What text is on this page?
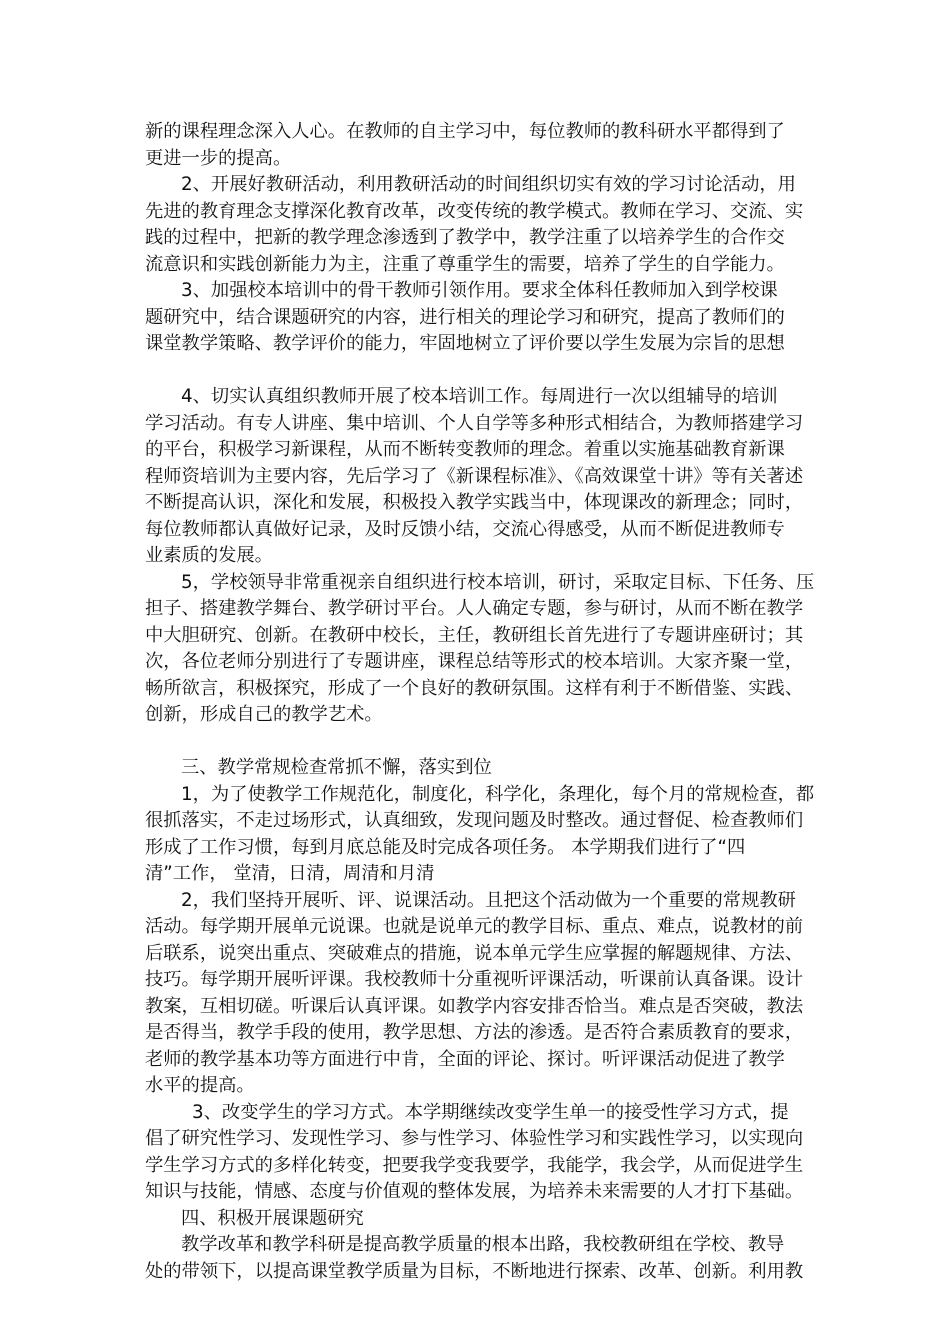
新的课程理念深入人心。在教师的自主学习中，每位教师的教科研水平都得到了
更进一步的提高。
2、开展好教研活动，利用教研活动的时间组织切实有效的学习讨论活动，用
先进的教育理念支撑深化教育改革，改变传统的教学模式。教师在学习、交流、实
践的过程中，把新的教学理念渗透到了教学中，教学注重了以培养学生的合作交
流意识和实践创新能力为主，注重了尊重学生的需要，培养了学生的自学能力。
3、加强校本培训中的骨干教师引领作用。要求全体科任教师加入到学校课
题研究中，结合课题研究的内容，进行相关的理论学习和研究，提高了教师们的
课堂教学策略、教学评价的能力，牢固地树立了评价要以学生发展为宗旨的思想
4、切实认真组织教师开展了校本培训工作。每周进行一次以组辅导的培训
学习活动。有专人讲座、集中培训、个人自学等多种形式相结合，为教师搭建学习
的平台，积极学习新课程，从而不断转变教师的理念。着重以实施基础教育新课
程师资培训为主要内容，先后学习了《新课程标准》、《高效课堂十讲》等有关著述
不断提高认识，深化和发展，积极投入教学实践当中，体现课改的新理念；同时，
每位教师都认真做好记录，及时反馈小结，交流心得感受，从而不断促进教师专
业素质的发展。
5，学校领导非常重视亲自组织进行校本培训，研讨，采取定目标、下任务、压
担子、搭建教学舞台、教学研讨平台。人人确定专题，参与研讨，从而不断在教学
中大胆研究、创新。在教研中校长，主任，教研组长首先进行了专题讲座研讨；其
次，各位老师分别进行了专题讲座，课程总结等形式的校本培训。大家齐聚一堂，
畅所欲言，积极探究，形成了一个良好的教研氛围。这样有利于不断借鉴、实践、
创新，形成自己的教学艺术。
三、教学常规检查常抓不懈，落实到位
1，为了使教学工作规范化，制度化，科学化，条理化，每个月的常规检查，都
很抓落实，不走过场形式，认真细致，发现问题及时整改。通过督促、检查教师们
形成了工作习惯，每到月底总能及时完成各项任务。 本学期我们进行了“四
清”工作， 堂清，日清，周清和月清
2，我们坚持开展听、评、说课活动。且把这个活动做为一个重要的常规教研
活动。每学期开展单元说课。也就是说单元的教学目标、重点、难点，说教材的前
后联系，说突出重点、突破难点的措施，说本单元学生应掌握的解题规律、方法、
技巧。每学期开展听评课。我校教师十分重视听评课活动，听课前认真备课。设计
教案，互相切磋。听课后认真评课。如教学内容安排否恰当。难点是否突破，教法
是否得当，教学手段的使用，教学思想、方法的渗透。是否符合素质教育的要求，
老师的教学基本功等方面进行中肯，全面的评论、探讨。听评课活动促进了教学
水平的提高。
3、改变学生的学习方式。本学期继续改变学生单一的接受性学习方式，提
倡了研究性学习、发现性学习、参与性学习、体验性学习和实践性学习，以实现向
学生学习方式的多样化转变，把要我学变我要学，我能学，我会学，从而促进学生
知识与技能，情感、态度与价值观的整体发展，为培养未来需要的人才打下基础。
四、积极开展课题研究
教学改革和教学科研是提高教学质量的根本出路，我校教研组在学校、教导
处的带领下，以提高课堂教学质量为目标，不断地进行探索、改革、创新。利用教
